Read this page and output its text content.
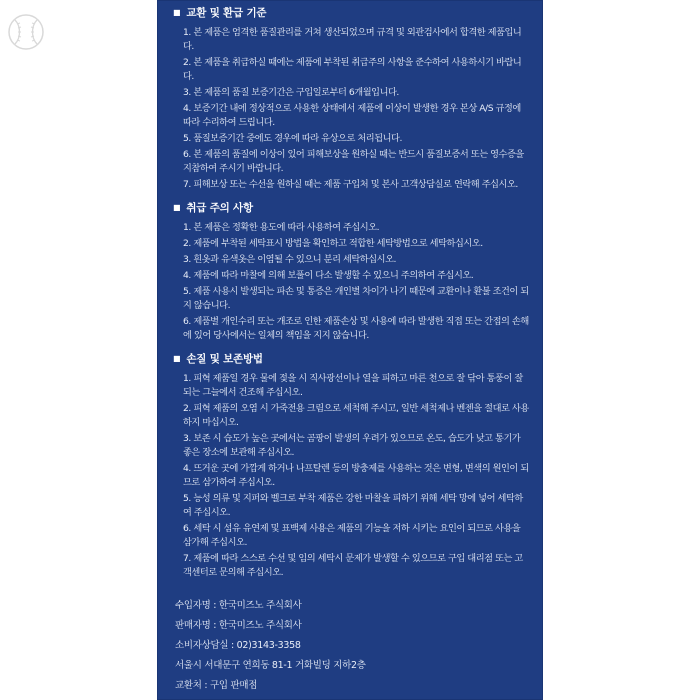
■ 교환 및 환급 기준
1. 본 제품은 엄격한 품질관리를 거쳐 생산되었으며 규격 및 외관검사에서 합격한 제품입니다.
2. 본 제품을 취급하실 때에는 제품에 부착된 취급주의 사항을 준수하여 사용하시기 바랍니다.
3. 본 제품의 품질 보증기간은 구입일로부터 6개월입니다.
4. 보증기간 내에 정상적으로 사용한 상태에서 제품에 이상이 발생한 경우 본상 A/S 규정에 따라 수리하여 드립니다.
5. 품질보증기간 중에도 경우에 따라 유상으로 처리됩니다.
6. 본 제품의 품질에 이상이 있어 피해보상을 원하실 때는 반드시 품질보증서 또는 영수증을 지참하여 주시기 바랍니다.
7. 피해보상 또는 수선을 원하실 때는 제품 구입처 및 본사 고객상담실로 연락해 주십시오.
■ 취급 주의 사항
1. 본 제품은 정확한 용도에 따라 사용하여 주십시오.
2. 제품에 부착된 세탁표시 방법을 확인하고 적합한 세탁방법으로 세탁하십시오.
3. 흰옷과 유색옷은 이염될 수 있으니 분리 세탁하십시오.
4. 제품에 따라 마찰에 의해 보풀이 다소 발생할 수 있으니 주의하여 주십시오.
5. 제품 사용시 발생되는 파손 및 통증은 개인별 차이가 나기 때문에 교환이나 환불 조건이 되지 않습니다.
6. 제품별 개인수리 또는 개조로 인한 제품손상 및 사용에 따라 발생한 직접 또는 간접의 손해에 있어 당사에서는 일체의 책임을 지지 않습니다.
■ 손질 및 보존방법
1. 피혁 제품일 경우 물에 젖을 시 직사광선이나 열을 피하고 마른 천으로 잘 닦아 통풍이 잘 되는 그늘에서 건조해 주십시오.
2. 피혁 제품의 오염 시 가죽전용 크림으로 세척해 주시고, 일반 세척제나 벤젠을 절대로 사용하지 마십시오.
3. 보존 시 습도가 높은 곳에서는 곰팡이 발생의 우려가 있으므로 온도, 습도가 낮고 통기가 좋은 장소에 보관해 주십시오.
4. 뜨거운 곳에 가깝게 하거나 나프탈렌 등의 방충제를 사용하는 것은 변형, 변색의 원인이 되므로 삼가하여 주십시오.
5. 능성 의류 및 지퍼와 벨크로 부착 제품은 강한 마찰을 피하기 위해 세탁 망에 넣어 세탁하여 주십시오.
6. 세탁 시 섬유 유연제 및 표백제 사용은 제품의 기능을 저하 시키는 요인이 되므로 사용을 삼가해 주십시오.
7. 제품에 따라 스스로 수선 및 임의 세탁시 문제가 발생할 수 있으므로 구입 대리점 또는 고객센터로 문의해 주십시오.
수입자명 : 한국미즈노 주식회사
판매자명 : 한국미즈노 주식회사
소비자상담실 : 02)3143-3358
서울시 서대문구 연희동 81-1 거화빌딩 지하2층
교환처 : 구입 판매점
